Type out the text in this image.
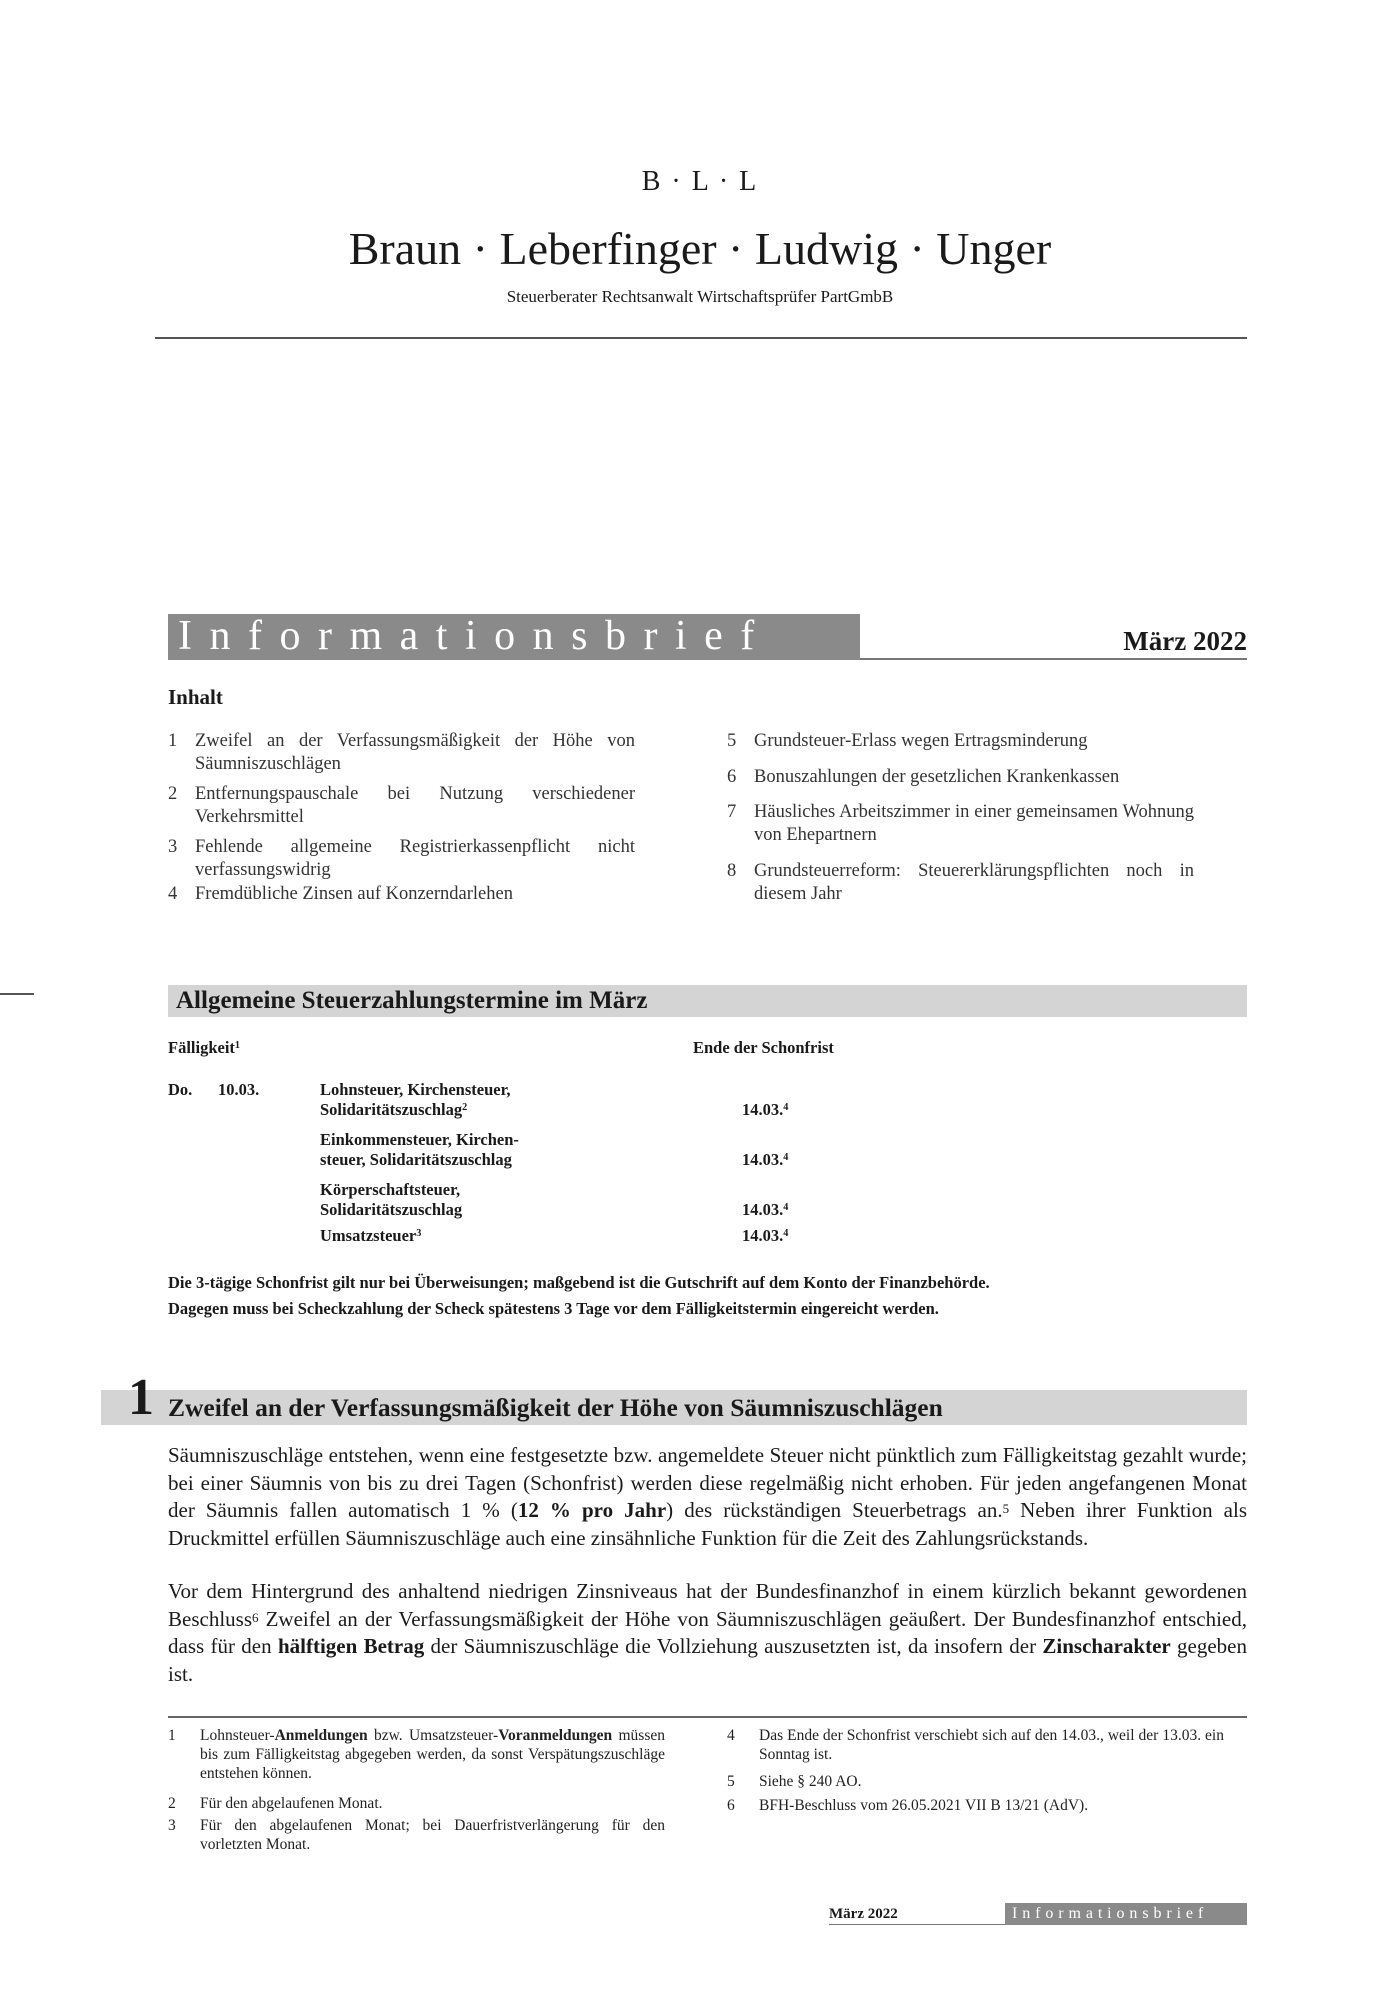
B · L · L
Braun · Leberfinger · Ludwig · Unger
Steuerberater Rechtsanwalt Wirtschaftsprüfer PartGmbB
Informationsbrief	März 2022
Inhalt
1 Zweifel an der Verfassungsmäßigkeit der Höhe von Säumniszuschlägen
2 Entfernungspauschale bei Nutzung verschiedener Verkehrsmittel
3 Fehlende allgemeine Registrierkassenpflicht nicht verfassungswidrig
4 Fremdübliche Zinsen auf Konzerndarlehen
5 Grundsteuer-Erlass wegen Ertragsminderung
6 Bonuszahlungen der gesetzlichen Krankenkassen
7 Häusliches Arbeitszimmer in einer gemeinsamen Wohnung von Ehepartnern
8 Grundsteuerreform: Steuererklärungspflichten noch in diesem Jahr
Allgemeine Steuerzahlungstermine im März
Fälligkeit$^1$	Ende der Schonfrist
Do. 10.03.	Lohnsteuer, Kirchensteuer,
Solidaritätszuschlag$^2$	14.03.$^4$
Einkommensteuer, Kirchen-
steuer, Solidaritätszuschlag	14.03.$^4$
Körperschaftsteuer,
Solidaritätszuschlag	14.03.$^4$
Umsatzsteuer$^3$	14.03.$^4$
Die 3-tägige Schonfrist gilt nur bei Überweisungen; maßgebend ist die Gutschrift auf dem Konto der Finanzbehörde.
Dagegen muss bei Scheckzahlung der Scheck spätestens 3 Tage vor dem Fälligkeitstermin eingereicht werden.
1 Zweifel an der Verfassungsmäßigkeit der Höhe von Säumniszuschlägen
Säumniszuschläge entstehen, wenn eine festgesetzte bzw. angemeldete Steuer nicht pünktlich zum Fälligkeitstag gezahlt wurde; bei einer Säumnis von bis zu drei Tagen (Schonfrist) werden diese regelmäßig nicht erhoben. Für jeden angefangenen Monat der Säumnis fallen automatisch 1 % (12 % pro Jahr) des rückständigen Steuerbetrags an.$^5$ Neben ihrer Funktion als Druckmittel erfüllen Säumniszuschläge auch eine zinsähnliche Funktion für die Zeit des Zahlungsrückstands.
Vor dem Hintergrund des anhaltend niedrigen Zinsniveaus hat der Bundesfinanzhof in einem kürzlich bekannt gewordenen Beschluss$^6$ Zweifel an der Verfassungsmäßigkeit der Höhe von Säumniszuschlägen geäußert. Der Bundesfinanzhof entschied, dass für den hälftigen Betrag der Säumniszuschläge die Vollziehung auszusetzten ist, da insofern der Zinscharakter gegeben ist.
1 Lohnsteuer-Anmeldungen bzw. Umsatzsteuer-Voranmeldungen müssen bis zum Fälligkeitstag abgegeben werden, da sonst Verspätungszuschläge entstehen können.
2 Für den abgelaufenen Monat.
3 Für den abgelaufenen Monat; bei Dauerfristverlängerung für den vorletzten Monat.
4 Das Ende der Schonfrist verschiebt sich auf den 14.03., weil der 13.03. ein Sonntag ist.
5 Siehe § 240 AO.
6 BFH-Beschluss vom 26.05.2021 VII B 13/21 (AdV).
März 2022	Informationsbrief
